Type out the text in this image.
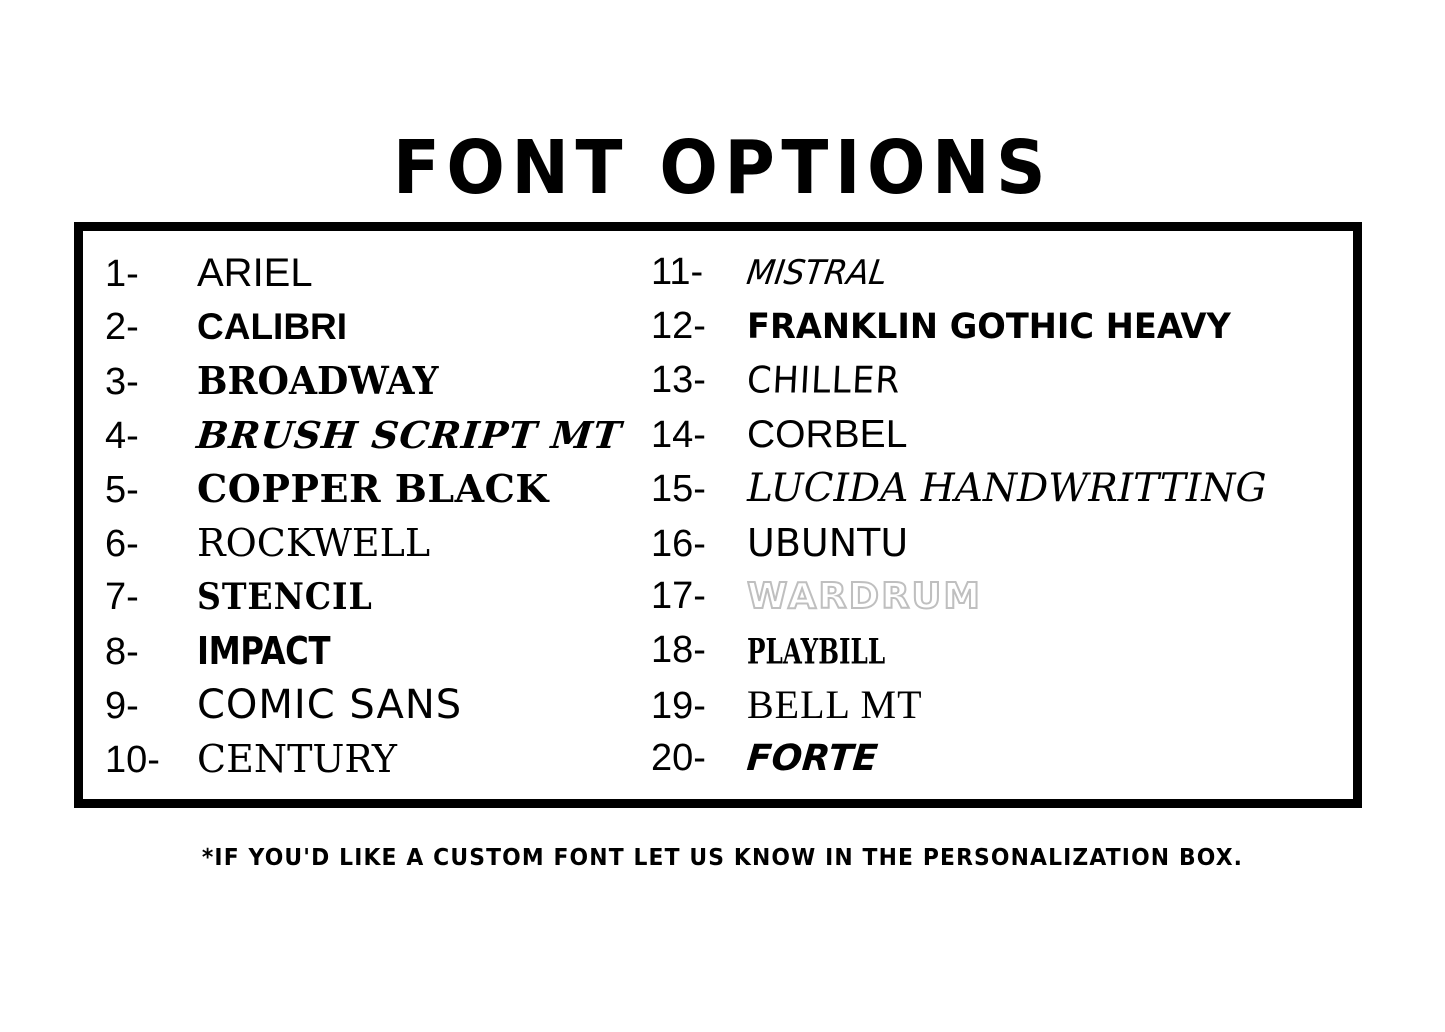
FONT OPTIONS
1-	ARIEL
2-	CALIBRI
3-	BROADWAY
4-	BRUSH SCRIPT MT
5-	COPPER BLACK
6-	ROCKWELL
7-	STENCIL
8-	IMPACT
9-	COMIC SANS
10- CENTURY
11-	MISTRAL
12-	FRANKLIN GOTHIC HEAVY
13-	CHILLER
14-	CORBEL
15-	LUCIDA HANDWRITTING
16-	UBUNTU
17-	WARDRUM
18-	PLAYBILL
19-	BELL MT
20-	FORTE
*IF YOU'D LIKE A CUSTOM FONT LET US KNOW IN THE PERSONALIZATION BOX.
